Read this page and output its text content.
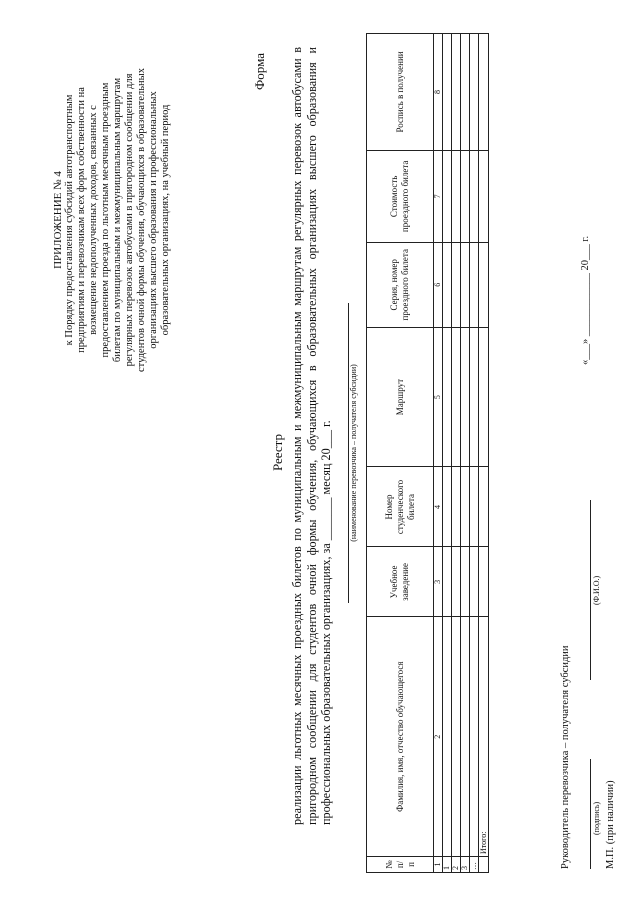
ПРИЛОЖЕНИЕ № 4 к Порядку предоставления субсидий автотранспортным предприятиям и перевозчикам всех форм собственности на возмещение недополученных доходов, связанных с предоставлением проезда по льготным месячным проездным билетам по муниципальным и межмуниципальным маршрутам регулярных перевозок автобусами в пригородном сообщении для студентов очной формы обучения, обучающихся в образовательных организациях высшего образования и профессиональных образовательных организациях, на учебный период
Форма
Реестр реализации льготных месячных проездных билетов по муниципальным и межмуниципальным маршрутам регулярных перевозок автобусами в пригородном сообщении для студентов очной формы обучения, обучающихся в образовательных организациях высшего образования и профессиональных образовательных организациях, за _______ месяц 20___ г. (наименование перевозчика – получателя субсидии)
№ п/п	Фамилия, имя, отчество обучающегося	Учебное заведение	Номер студенческого билета	Маршрут	Серия, номер проездного билета	Стоимость проездного билета	Роспись в получении
1	2	3	4	5	6	7	8
1							
2							
3							
…							
	Итого:							Руководитель перевозчика – получателя субсидии	(подпись)
(Ф.И.О.)
М.П. (при наличии)
«___» ____________ 20___ г.
